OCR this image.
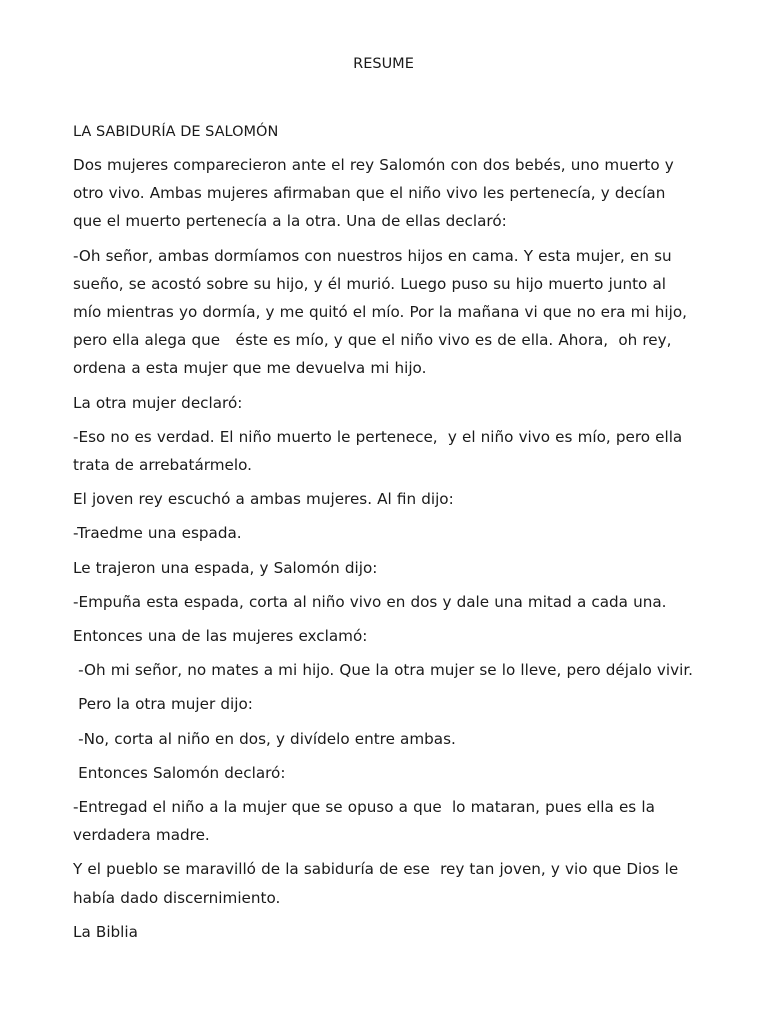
RESUME
LA SABIDURÍA DE SALOMÓN

Dos mujeres comparecieron ante el rey Salomón con dos bebés, uno muerto y otro vivo. Ambas mujeres afirmaban que el niño vivo les pertenecía, y decían que el muerto pertenecía a la otra. Una de ellas declaró:

-Oh señor, ambas dormíamos con nuestros hijos en cama. Y esta mujer, en su sueño, se acostó sobre su hijo, y él murió. Luego puso su hijo muerto junto al mío mientras yo dormía, y me quitó el mío. Por la mañana vi que no era mi hijo, pero ella alega que   éste es mío, y que el niño vivo es de ella. Ahora,  oh rey, ordena a esta mujer que me devuelva mi hijo.

La otra mujer declaró:

-Eso no es verdad. El niño muerto le pertenece,  y el niño vivo es mío, pero ella trata de arrebatármelo.

El joven rey escuchó a ambas mujeres. Al fin dijo:

-Traedme una espada.

Le trajeron una espada, y Salomón dijo:

-Empuña esta espada, corta al niño vivo en dos y dale una mitad a cada una.

Entonces una de las mujeres exclamó:

-Oh mi señor, no mates a mi hijo. Que la otra mujer se lo lleve, pero déjalo vivir.

Pero la otra mujer dijo:

-No, corta al niño en dos, y divídelo entre ambas.

Entonces Salomón declaró:

-Entregad el niño a la mujer que se opuso a que  lo mataran, pues ella es la verdadera madre.

Y el pueblo se maravilló de la sabiduría de ese  rey tan joven, y vio que Dios le había dado discernimiento.

La Biblia
